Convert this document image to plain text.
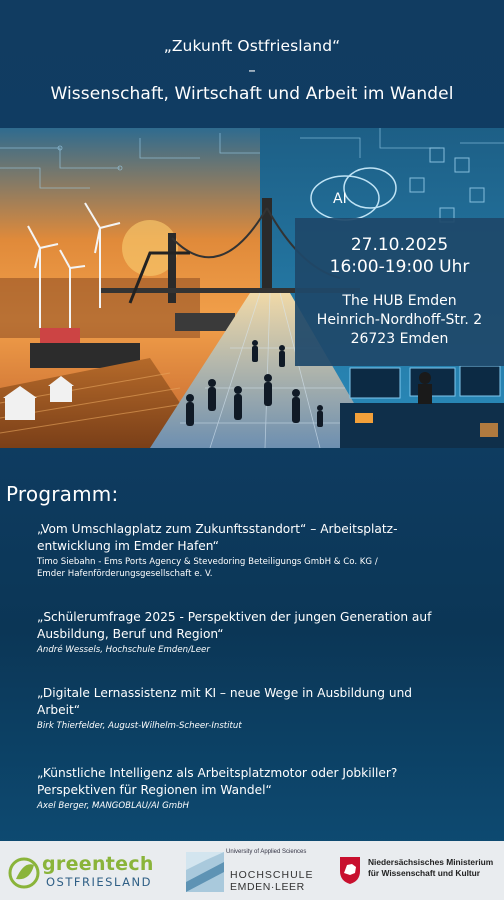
„Zukunft Ostfriesland“
–
Wissenschaft, Wirtschaft und Arbeit im Wandel
AI
27.10.2025
16:00-19:00 Uhr
The HUB Emden
Heinrich-Nordhoff-Str. 2
26723 Emden
Programm:
„Vom Umschlagplatz zum Zukunftsstandort“ – Arbeitsplatz-
entwicklung im Emder Hafen“
Timo Siebahn - Ems Ports Agency & Stevedoring Beteiligungs GmbH & Co. KG /
Emder Hafenförderungsgesellschaft e. V.
„Schülerumfrage 2025 - Perspektiven der jungen Generation auf
Ausbildung, Beruf und Region“
André Wessels, Hochschule Emden/Leer
„Digitale Lernassistenz mit KI – neue Wege in Ausbildung und
Arbeit“
Birk Thierfelder, August-Wilhelm-Scheer-Institut
„Künstliche Intelligenz als Arbeitsplatzmotor oder Jobkiller?
Perspektiven für Regionen im Wandel“
Axel Berger, MANGOBLAU/AI GmbH
greentech
OSTFRIESLAND
University of Applied Sciences
HOCHSCHULE
EMDEN·LEER
Niedersächsisches Ministerium
für Wissenschaft und Kultur
